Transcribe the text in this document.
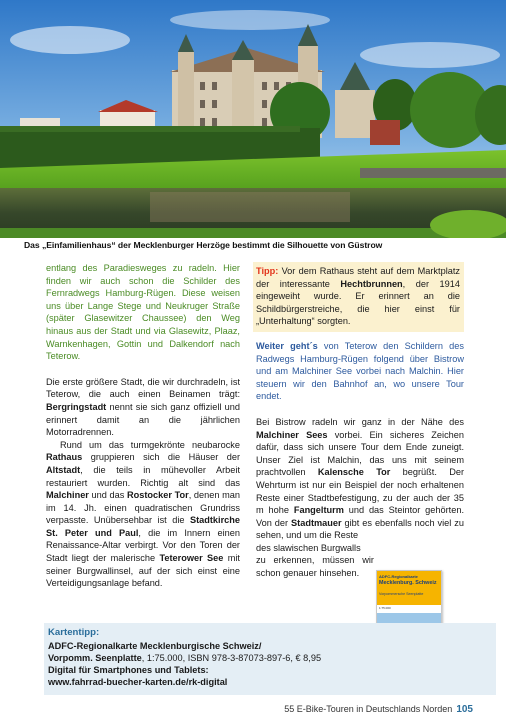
Das „Einfamilienhaus“ der Mecklenburger Herzöge bestimmt die Silhouette von Güstrow

entlang des Paradiesweges zu radeln. Hier finden wir auch schon die Schilder des Fernradwegs Hamburg-Rügen. Diese weisen uns über Lange Stege und Neukruger Straße (später Glasewitzer Chaussee) den Weg hinaus aus der Stadt und via Glasewitz, Plaaz, Warnkenhagen, Gottin und Dalkendorf nach Teterow.

Die erste größere Stadt, die wir durchradeln, ist Teterow, die auch einen Beinamen trägt: Bergringstadt nennt sie sich ganz offiziell und erinnert damit an die jährlichen Motorradrennen.

Rund um das turmgekrönte neubarocke Rathaus gruppieren sich die Häuser der Altstadt, die teils in mühevoller Arbeit restauriert wurden. Richtig alt sind das Malchiner und das Rostocker Tor, denen man im 14. Jh. einen quadratischen Grundriss verpasste. Unübersehbar ist die Stadtkirche St. Peter und Paul, die im Innern einen Renaissance-Altar verbirgt. Vor den Toren der Stadt liegt der malerische Teterower See mit seiner Burgwallinsel, auf der sich einst eine Verteidigungsanlage befand.

Tipp: Vor dem Rathaus steht auf dem Marktplatz der interessante Hechtbrunnen, der 1914 eingeweiht wurde. Er erinnert an die Schildbürgerstreiche, die hier einst für „Unterhaltung“ sorgten.

Weiter geht´s von Teterow den Schildern des Radwegs Hamburg-Rügen folgend über Bistrow und am Malchiner See vorbei nach Malchin. Hier steuern wir den Bahnhof an, wo unsere Tour endet.

Bei Bistrow radeln wir ganz in der Nähe des Malchiner Sees vorbei. Ein sicheres Zeichen dafür, dass sich unsere Tour dem Ende zuneigt. Unser Ziel ist Malchin, das uns mit seinem prachtvollen Kalensche Tor begrüßt. Der Wehrturm ist nur ein Beispiel der noch erhaltenen Reste einer Stadtbefestigung, zu der auch der 35 m hohe Fangelturm und das Steintor gehörten. Von der Stadtmauer gibt es ebenfalls noch viel zu sehen, und um die Reste

des slawischen Burgwalls
zu erkennen, müssen wir
schon genauer hinsehen.	ADFC-Regionalkarte
Mecklenburg. Schweiz
Vorpommersche Seenplatte
1:75.000
Kartentipp:
ADFC-Regionalkarte Mecklenburgische Schweiz/
Vorpomm. Seenplatte, 1:75.000, ISBN 978-3-87073-897-6, € 8,95
Digital für Smartphones und Tablets:
www.fahrrad-buecher-karten.de/rk-digital
55 E-Bike-Touren in Deutschlands Norden 105
